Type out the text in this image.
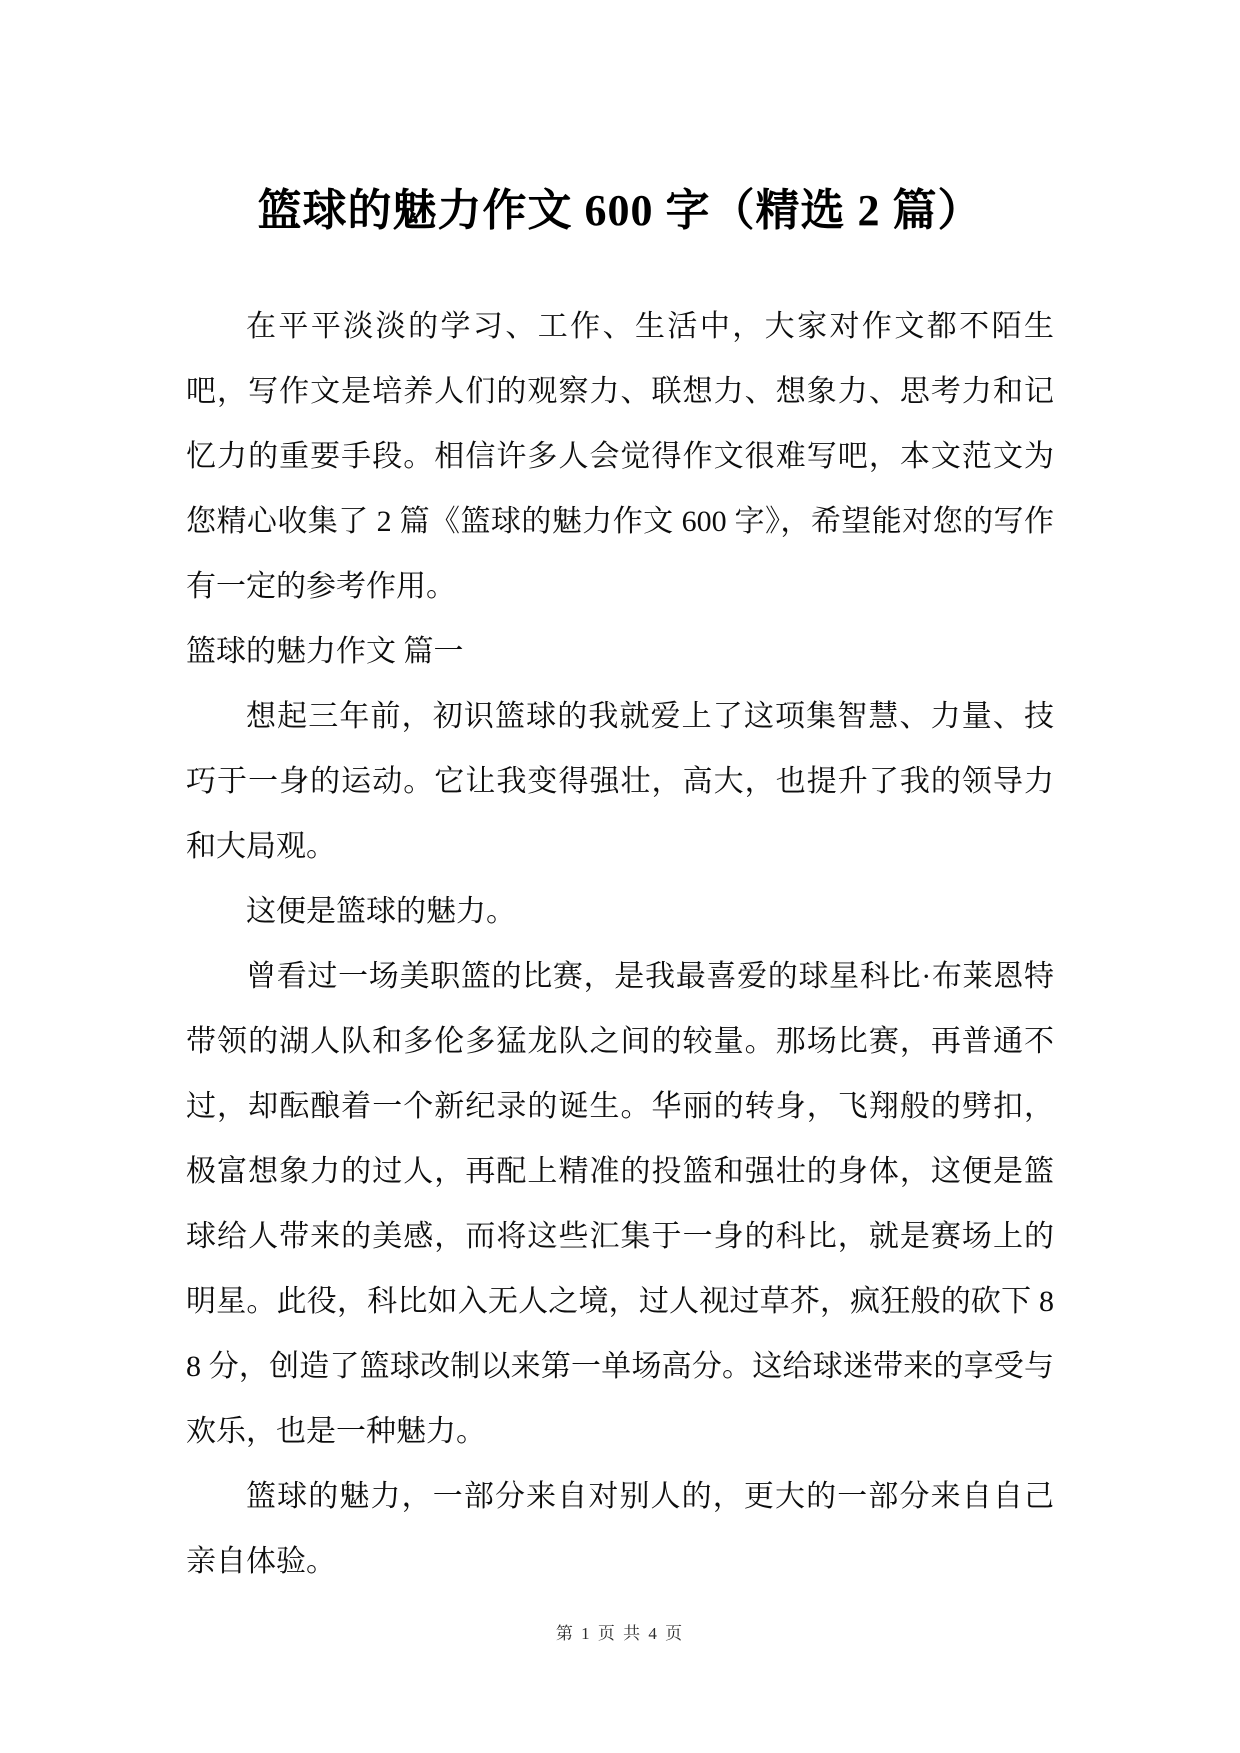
篮球的魅力作文 600 字（精选 2 篇）

在平平淡淡的学习、工作、生活中，大家对作文都不陌生吧，写作文是培养人们的观察力、联想力、想象力、思考力和记忆力的重要手段。相信许多人会觉得作文很难写吧，本文范文为您精心收集了 2 篇《篮球的魅力作文 600 字》，希望能对您的写作有一定的参考作用。

篮球的魅力作文 篇一

想起三年前，初识篮球的我就爱上了这项集智慧、力量、技巧于一身的运动。它让我变得强壮，高大，也提升了我的领导力和大局观。

这便是篮球的魅力。

曾看过一场美职篮的比赛，是我最喜爱的球星科比·布莱恩特带领的湖人队和多伦多猛龙队之间的较量。那场比赛，再普通不过，却酝酿着一个新纪录的诞生。华丽的转身，飞翔般的劈扣，极富想象力的过人，再配上精准的投篮和强壮的身体，这便是篮球给人带来的美感，而将这些汇集于一身的科比，就是赛场上的明星。此役，科比如入无人之境，过人视过草芥，疯狂般的砍下 88 分，创造了篮球改制以来第一单场高分。这给球迷带来的享受与欢乐，也是一种魅力。

篮球的魅力，一部分来自对别人的，更大的一部分来自自己亲自体验。

第 1 页 共 4 页
